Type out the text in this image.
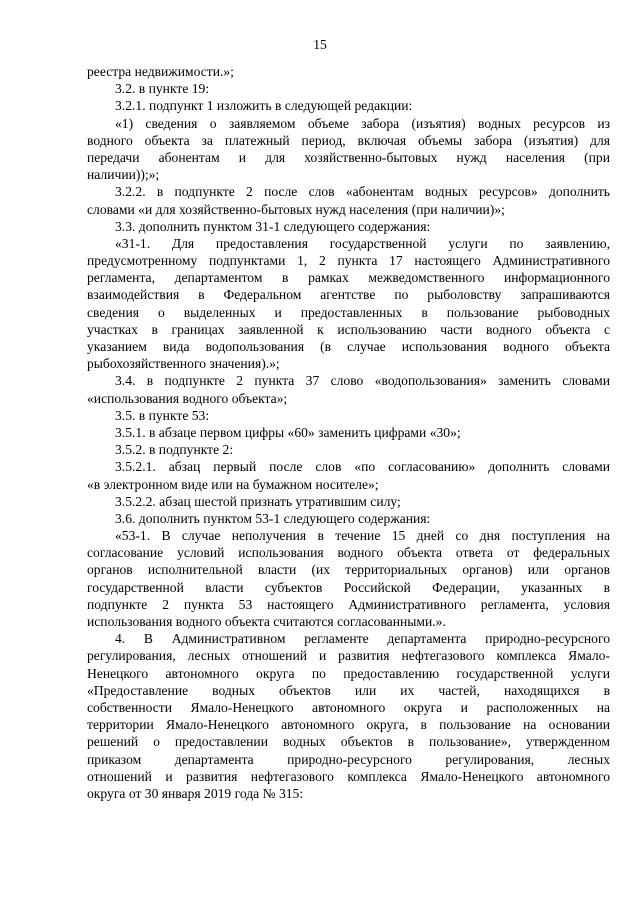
15
реестра недвижимости.»;
3.2. в пункте 19:
3.2.1. подпункт 1 изложить в следующей редакции:
«1) сведения о заявляемом объеме забора (изъятия) водных ресурсов из
водного объекта за платежный период, включая объемы забора (изъятия) для
передачи абонентам и для хозяйственно-бытовых нужд населения (при
наличии));»;
3.2.2. в подпункте 2 после слов «абонентам водных ресурсов» дополнить
словами «и для хозяйственно-бытовых нужд населения (при наличии)»;
3.3. дополнить пунктом 31-1 следующего содержания:
«31-1. Для предоставления государственной услуги по заявлению,
предусмотренному подпунктами 1, 2 пункта 17 настоящего Административного
регламента, департаментом в рамках межведомственного информационного
взаимодействия в Федеральном агентстве по рыболовству запрашиваются
сведения о выделенных и предоставленных в пользование рыбоводных
участках в границах заявленной к использованию части водного объекта с
указанием вида водопользования (в случае использования водного объекта
рыбохозяйственного значения).»;
3.4. в подпункте 2 пункта 37 слово «водопользования» заменить словами
«использования водного объекта»;
3.5. в пункте 53:
3.5.1. в абзаце первом цифры «60» заменить цифрами «30»;
3.5.2. в подпункте 2:
3.5.2.1. абзац первый после слов «по согласованию» дополнить словами
«в электронном виде или на бумажном носителе»;
3.5.2.2. абзац шестой признать утратившим силу;
3.6. дополнить пунктом 53-1 следующего содержания:
«53-1. В случае неполучения в течение 15 дней со дня поступления на
согласование условий использования водного объекта ответа от федеральных
органов исполнительной власти (их территориальных органов) или органов
государственной власти субъектов Российской Федерации, указанных в
подпункте 2 пункта 53 настоящего Административного регламента, условия
использования водного объекта считаются согласованными.».
4. В Административном регламенте департамента природно-ресурсного
регулирования, лесных отношений и развития нефтегазового комплекса Ямало-
Ненецкого автономного округа по предоставлению государственной услуги
«Предоставление водных объектов или их частей, находящихся в
собственности Ямало-Ненецкого автономного округа и расположенных на
территории Ямало-Ненецкого автономного округа, в пользование на основании
решений о предоставлении водных объектов в пользование», утвержденном
приказом департамента природно-ресурсного регулирования, лесных
отношений и развития нефтегазового комплекса Ямало-Ненецкого автономного
округа от 30 января 2019 года № 315:
